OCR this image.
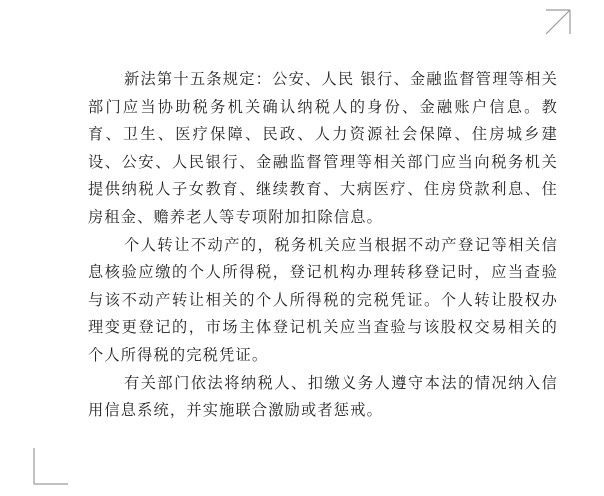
新法第十五条规定：公安、人民 银行、金融监督管理等相关部门应当协助税务机关确认纳税人的身份、金融账户信息。教育、卫生、医疗保障、民政、人力资源社会保障、住房城乡建设、公安、人民银行、金融监督管理等相关部门应当向税务机关提供纳税人子女教育、继续教育、大病医疗、住房贷款利息、住房租金、赡养老人等专项附加扣除信息。

个人转让不动产的，税务机关应当根据不动产登记等相关信息核验应缴的个人所得税，登记机构办理转移登记时，应当查验与该不动产转让相关的个人所得税的完税凭证。个人转让股权办理变更登记的，市场主体登记机关应当查验与该股权交易相关的个人所得税的完税凭证。

有关部门依法将纳税人、扣缴义务人遵守本法的情况纳入信用信息系统，并实施联合激励或者惩戒。
